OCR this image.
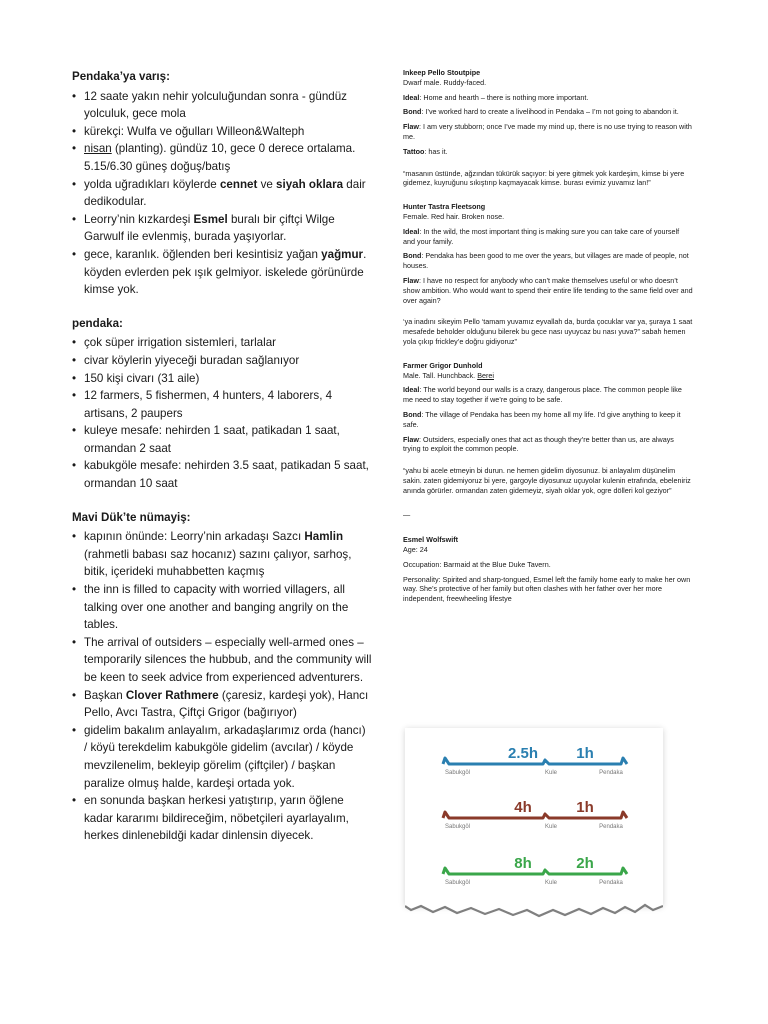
Pendaka’ya varış:
• 12 saate yakın nehir yolculuğundan sonra - gündüz yolculuk, gece mola
• kürekçi: Wulfa ve oğulları Willeon&Walteph
• nisan (planting). gündüz 10, gece 0 derece ortalama. 5.15/6.30 güneş doğuş/batış
• yolda uğradıkları köylerde cennet ve siyah oklara dair dedikodular.
• Leorry’nin kızkardeşi Esmel buralı bir çiftçi Wilge Garwulf ile evlenmiş, burada yaşıyorlar.
• gece, karanlık. öğlenden beri kesintisiz yağan yağmur. köyden evlerden pek ışık gelmiyor. iskelede görünürde kimse yok.
pendaka:
• çok süper irrigation sistemleri, tarlalar
• civar köylerin yiyeceği buradan sağlanıyor
• 150 kişi civarı (31 aile)
• 12 farmers, 5 fishermen, 4 hunters, 4 laborers, 4 artisans, 2 paupers
• kuleye mesafe: nehirden 1 saat, patikadan 1 saat, ormandan 2 saat
• kabukgöle mesafe: nehirden 3.5 saat, patikadan 5 saat, ormandan 10 saat
Mavi Dük’te nümayiş:
• kapının önünde: Leorry’nin arkadaşı Sazcı Hamlin (rahmetli babası saz hocanız) sazını çalıyor, sarhoş, bitik, içerideki muhabbetten kaçmış
• the inn is filled to capacity with worried villagers, all talking over one another and banging angrily on the tables.
• The arrival of outsiders – especially well-armed ones – temporarily silences the hubbub, and the community will be keen to seek advice from experienced adventurers.
• Başkan Clover Rathmere (çaresiz, kardeşi yok), Hancı Pello, Avcı Tastra, Çiftçi Grigor (bağırıyor)
• gidelim bakalım anlayalım, arkadaşlarımız orda (hancı) / köyü terekdelim kabukgöle gidelim (avcılar) / köyde mevzilenelim, bekleyip görelim (çiftçiler) / başkan paralize olmuş halde, kardeşi ortada yok.
• en sonunda başkan herkesi yatıştırıp, yarın öğlene kadar kararımı bildireceğim, nöbetçileri ayarlayalım, herkes dinlenebildği kadar dinlensin diyecek.
Inkeep Pello Stoutpipe

Dwarf male. Ruddy-faced.

Ideal: Home and hearth – there is nothing more important.

Bond: I’ve worked hard to create a livelihood in Pendaka – I’m not going to abandon it.

Flaw: I am very stubborn; once I’ve made my mind up, there is no use trying to reason with me.

Tattoo: has it.

“masanın üstünde, ağzından tükürük saçıyor: bi yere gitmek yok kardeşim, kimse bi yere gidemez, kuyruğunu sıkıştırıp kaçmayacak kimse. burası evimiz yuvamız lan!”

Hunter Tastra Fleetsong

Female. Red hair. Broken nose.

Ideal: In the wild, the most important thing is making sure you can take care of yourself and your family.

Bond: Pendaka has been good to me over the years, but villages are made of people, not houses.

Flaw: I have no respect for anybody who can’t make themselves useful or who doesn’t show ambition. Who would want to spend their entire life tending to the same field over and over again?

‘ya inadını sikeyim Pello ‘tamam yuvamız eyvallah da, burda çocuklar var ya, şuraya 1 saat mesafede beholder olduğunu bilerek bu gece nası uyuycaz bu nası yuva?” sabah hemen yola çıkıp frickley’e doğru gidiyoruz”

Farmer Grigor Dunhold

Male. Tall. Hunchback. Berei

Ideal: The world beyond our walls is a crazy, dangerous place. The common people like me need to stay together if we’re going to be safe.

Bond: The village of Pendaka has been my home all my life. I’d give anything to keep it safe.

Flaw: Outsiders, especially ones that act as though they’re better than us, are always trying to exploit the common people.

“yahu bi acele etmeyin bi durun. ne hemen gidelim diyosunuz. bi anlayalım düşünelim sakin. zaten gidemiyoruz bi yere, gargoyle diyosunuz uçuyolar kulenin etrafında, ebeleniriz anında görürler. ormandan zaten gidemeyiz, siyah oklar yok, ogre dölleri kol geziyor”

—

Esmel Wolfswift

Age: 24

Occupation: Barmaid at the Blue Duke Tavern.

Personality: Spirited and sharp-tongued, Esmel left the family home early to make her own way. She’s protective of her family but often clashes with her father over her more independent, freewheeling lifestye

2.5h	1h
Sabukgöl	Kule	Pendaka
4h	1h
Sabukgöl	Kule	Pendaka
8h	2h
Sabukgöl	Kule	Pendaka
